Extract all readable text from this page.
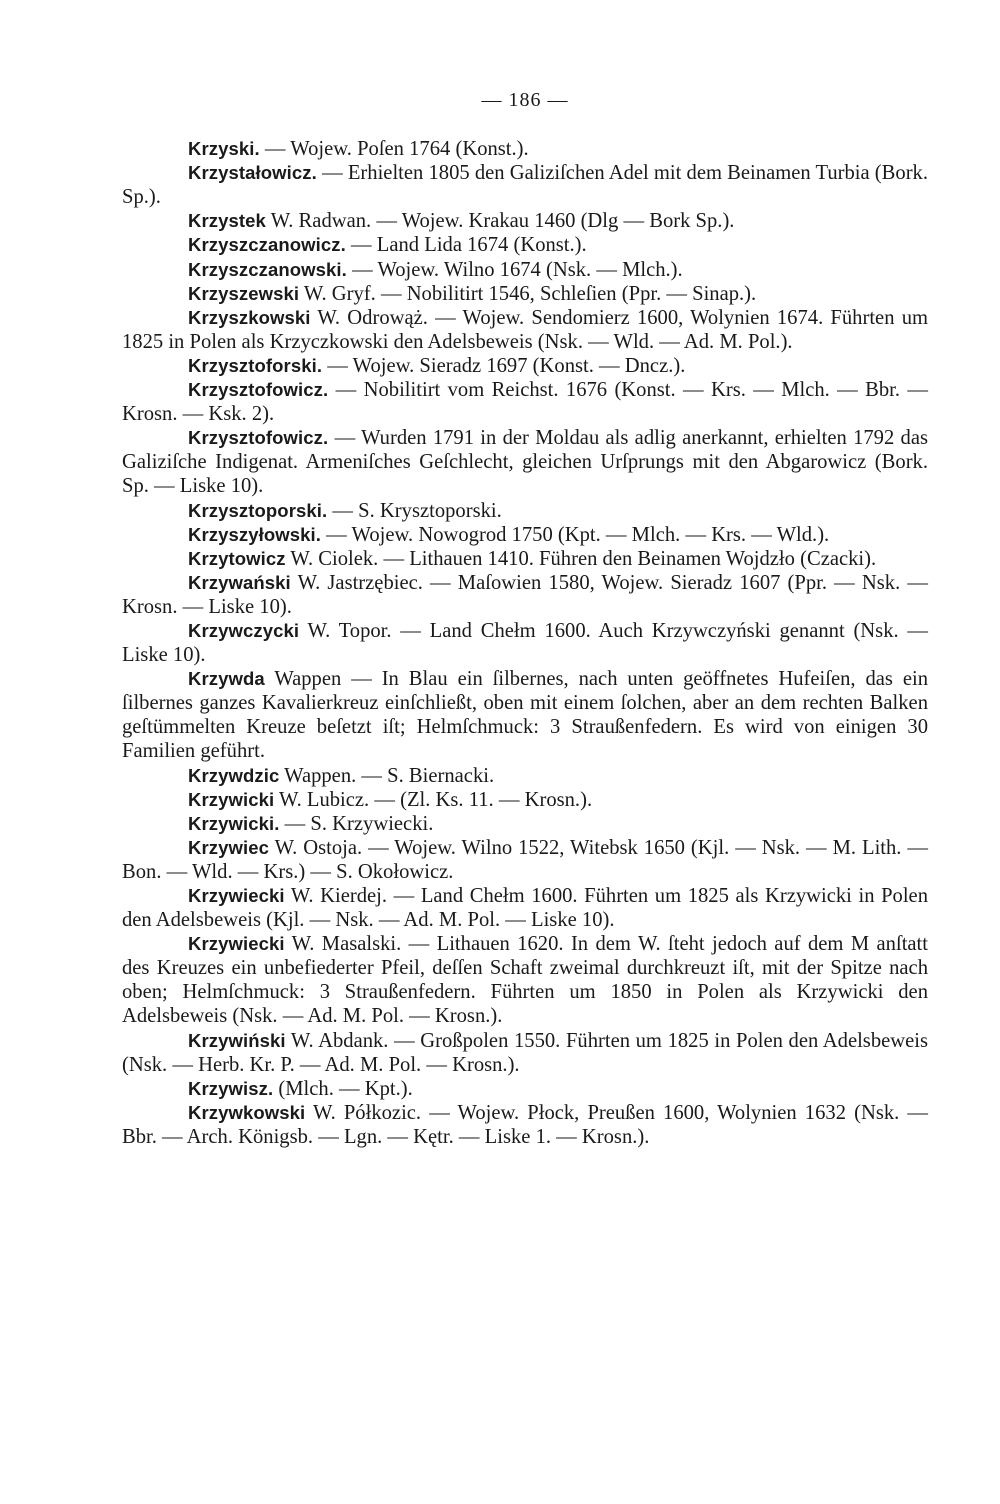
— 186 —

Krzyski. — Wojew. Poſen 1764 (Konst.).

Krzystałowicz. — Erhielten 1805 den Galiziſchen Adel mit dem Beinamen Turbia (Bork. Sp.).

Krzystek W. Radwan. — Wojew. Krakau 1460 (Dlg — Bork Sp.).

Krzyszczanowicz. — Land Lida 1674 (Konst.).

Krzyszczanowski. — Wojew. Wilno 1674 (Nsk. — Mlch.).

Krzyszewski W. Gryf. — Nobilitirt 1546, Schleſien (Ppr. — Sinap.).

Krzyszkowski W. Odrowąż. — Wojew. Sendomierz 1600, Wolynien 1674. Führten um 1825 in Polen als Krzyczkowski den Adelsbeweis (Nsk. — Wld. — Ad. M. Pol.).

Krzysztoforski. — Wojew. Sieradz 1697 (Konst. — Dncz.).

Krzysztofowicz. — Nobilitirt vom Reichst. 1676 (Konst. — Krs. — Mlch. — Bbr. — Krosn. — Ksk. 2).

Krzysztofowicz. — Wurden 1791 in der Moldau als adlig anerkannt, erhielten 1792 das Galiziſche Indigenat. Armeniſches Geſchlecht, gleichen Urſprungs mit den Abgarowicz (Bork. Sp. — Liske 10).

Krzysztoporski. — S. Krysztoporski.

Krzyszyłowski. — Wojew. Nowogrod 1750 (Kpt. — Mlch. — Krs. — Wld.).

Krzytowicz W. Ciolek. — Lithauen 1410. Führen den Beinamen Wojdzło (Czacki).

Krzywański W. Jastrzębiec. — Maſowien 1580, Wojew. Sieradz 1607 (Ppr. — Nsk. — Krosn. — Liske 10).

Krzywczycki W. Topor. — Land Chełm 1600. Auch Krzywczyński genannt (Nsk. — Liske 10).

Krzywda Wappen — In Blau ein ſilbernes, nach unten geöffnetes Hufeiſen, das ein ſilbernes ganzes Kavalierkreuz einſchließt, oben mit einem ſolchen, aber an dem rechten Balken geſtümmelten Kreuze beſetzt iſt; Helmſchmuck: 3 Straußenfedern. Es wird von einigen 30 Familien geführt.

Krzywdzic Wappen. — S. Biernacki.

Krzywicki W. Lubicz. — (Zl. Ks. 11. — Krosn.).

Krzywicki. — S. Krzywiecki.

Krzywiec W. Ostoja. — Wojew. Wilno 1522, Witebsk 1650 (Kjl. — Nsk. — M. Lith. — Bon. — Wld. — Krs.) — S. Okołowicz.

Krzywiecki W. Kierdej. — Land Chełm 1600. Führten um 1825 als Krzywicki in Polen den Adelsbeweis (Kjl. — Nsk. — Ad. M. Pol. — Liske 10).

Krzywiecki W. Masalski. — Lithauen 1620. In dem W. ſteht jedoch auf dem M anſtatt des Kreuzes ein unbefiederter Pfeil, deſſen Schaft zweimal durchkreuzt iſt, mit der Spitze nach oben; Helmſchmuck: 3 Straußenfedern. Führten um 1850 in Polen als Krzywicki den Adelsbeweis (Nsk. — Ad. M. Pol. — Krosn.).

Krzywiński W. Abdank. — Großpolen 1550. Führten um 1825 in Polen den Adelsbeweis (Nsk. — Herb. Kr. P. — Ad. M. Pol. — Krosn.).

Krzywisz. (Mlch. — Kpt.).

Krzywkowski W. Półkozic. — Wojew. Płock, Preußen 1600, Wolynien 1632 (Nsk. — Bbr. — Arch. Königsb. — Lgn. — Kętr. — Liske 1. — Krosn.).
